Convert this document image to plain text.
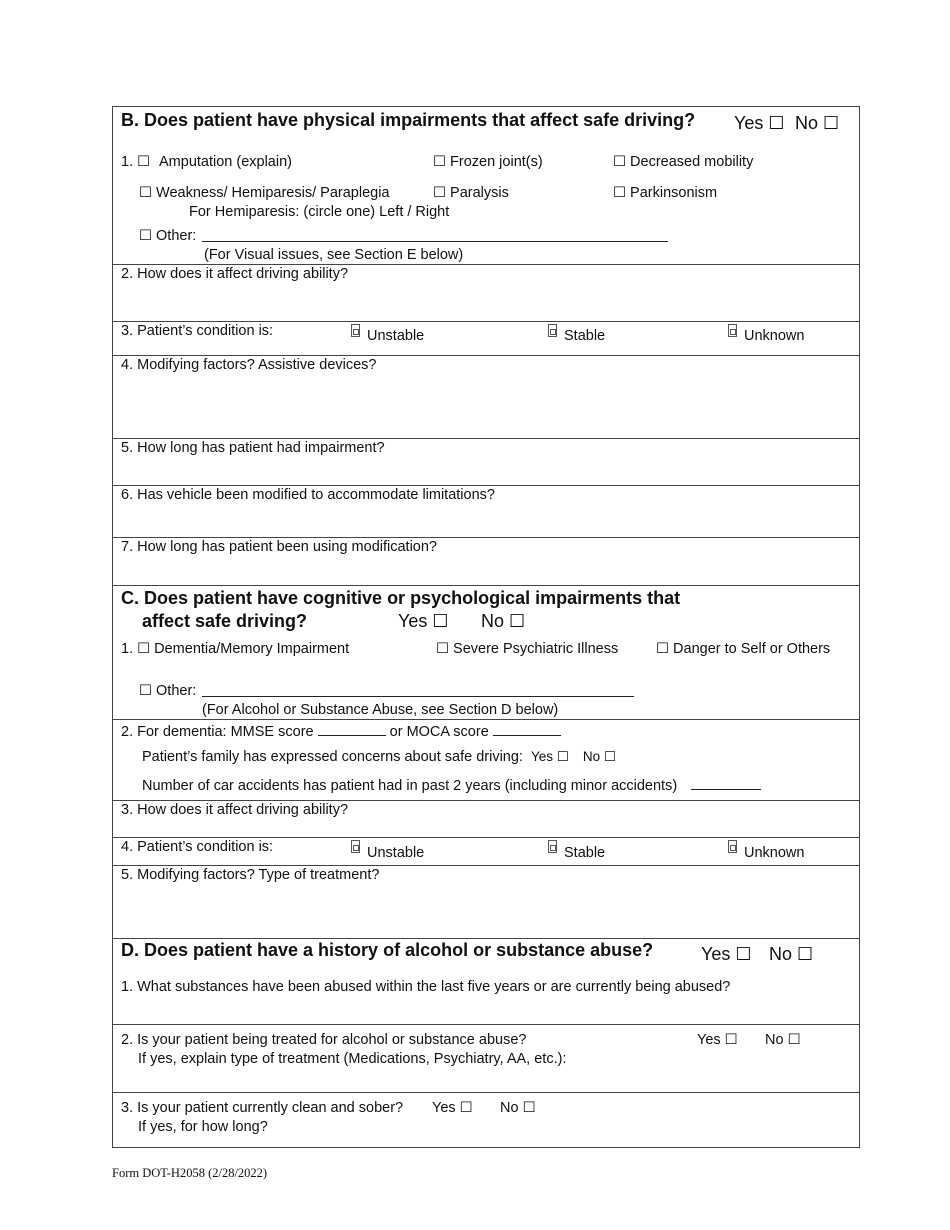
B. Does patient have physical impairments that affect safe driving? Yes ☐ No ☐
1. ☐ Amputation (explain)	☐ Frozen joint(s)	☐ Decreased mobility
☐ Weakness/ Hemiparesis/ Paraplegia	☐ Paralysis	☐ Parkinsonism
For Hemiparesis: (circle one) Left / Right
☐ Other:
(For Visual issues, see Section E below)
2. How does it affect driving ability?
3. Patient’s condition is:	Unstable	Stable	Unknown
4. Modifying factors? Assistive devices?
5. How long has patient had impairment?
6. Has vehicle been modified to accommodate limitations?
7. How long has patient been using modification?
C. Does patient have cognitive or psychological impairments that
affect safe driving?	Yes ☐ No ☐
1. ☐ Dementia/Memory Impairment	☐ Severe Psychiatric Illness	☐ Danger to Self or Others
☐ Other:
(For Alcohol or Substance Abuse, see Section D below)
2. For dementia: MMSE score	or MOCA score
Patient’s family has expressed concerns about safe driving: Yes ☐ No ☐
Number of car accidents has patient had in past 2 years (including minor accidents)
3. How does it affect driving ability?
4. Patient’s condition is:	Unstable	Stable	Unknown
5. Modifying factors? Type of treatment?
D. Does patient have a history of alcohol or substance abuse?	Yes ☐ No ☐
1. What substances have been abused within the last five years or are currently being abused?
2. Is your patient being treated for alcohol or substance abuse?	Yes ☐ No ☐
If yes, explain type of treatment (Medications, Psychiatry, AA, etc.):
3. Is your patient currently clean and sober? Yes ☐ No ☐
If yes, for how long?
Form DOT-H2058 (2/28/2022)
